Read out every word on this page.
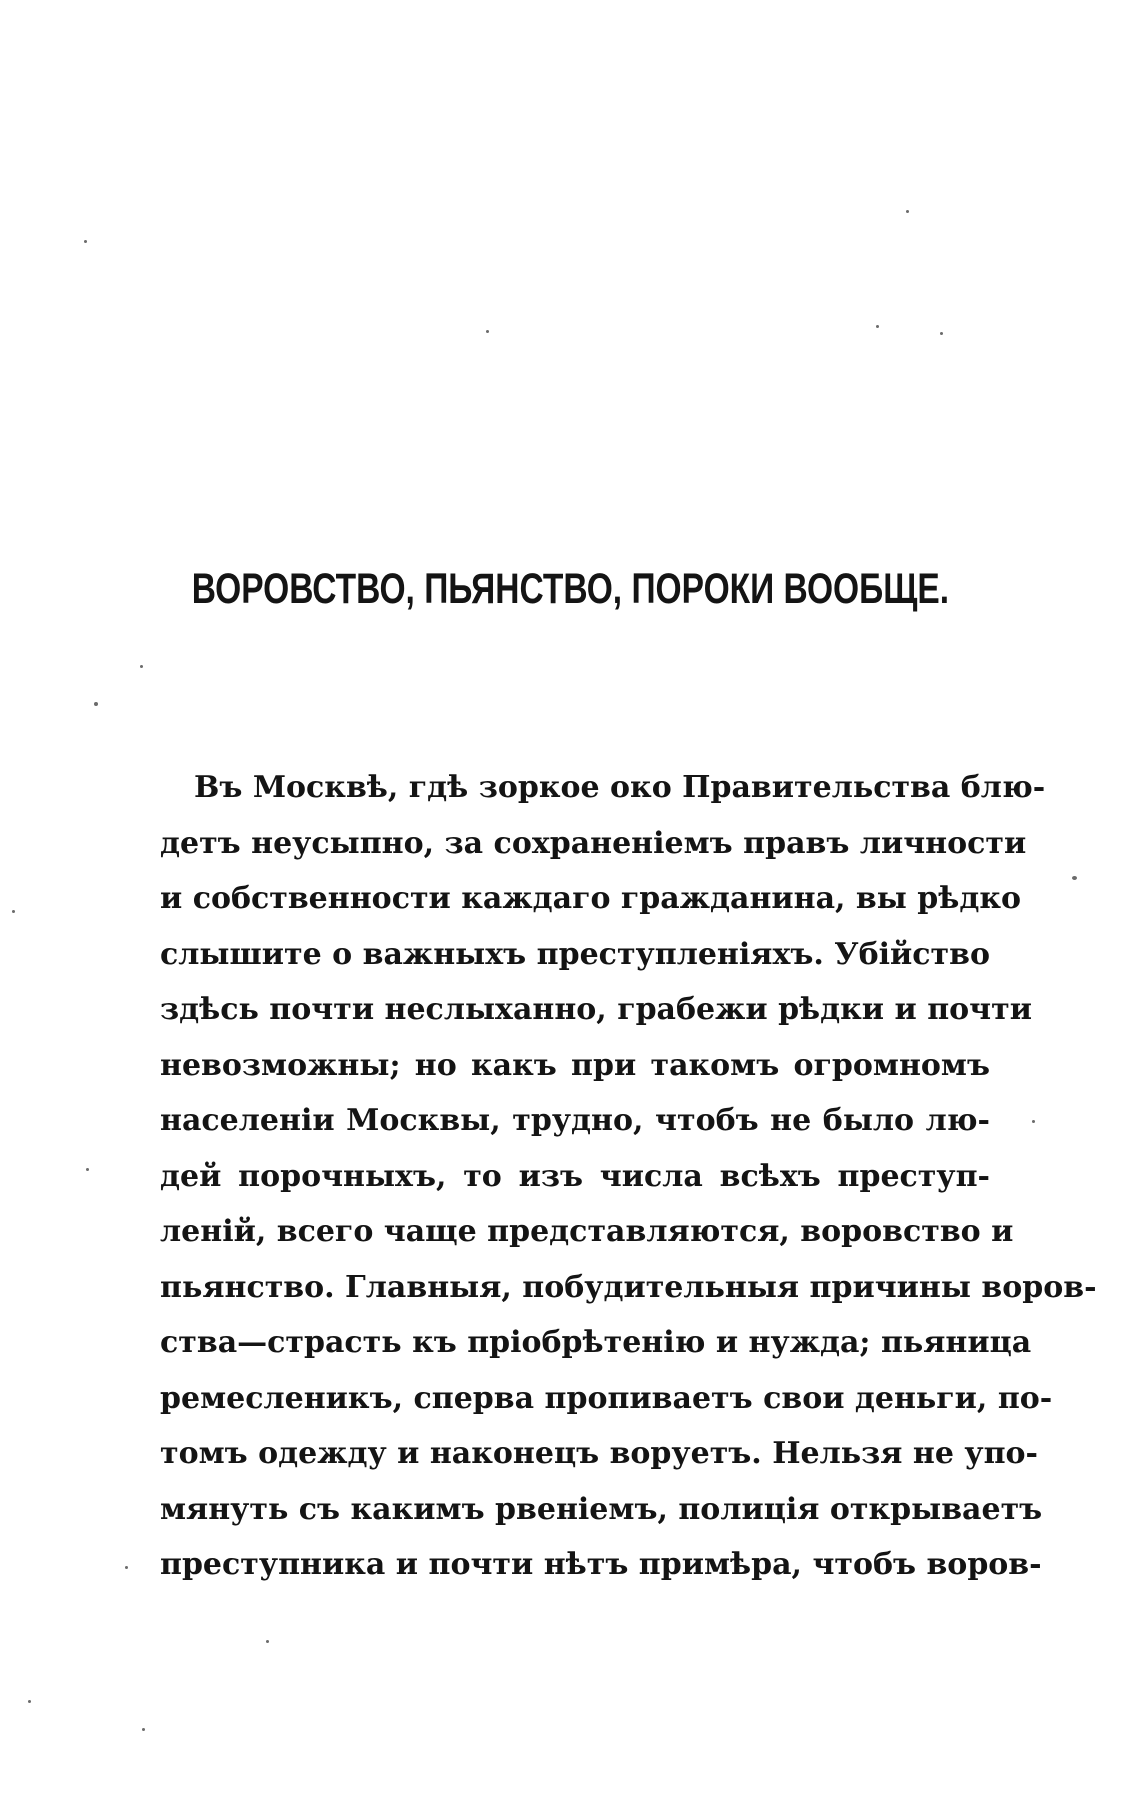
ВОРОВСТВО, ПЬЯНСТВО, ПОРОКИ ВООБЩЕ.
Въ Москвѣ, гдѣ зоркое око Правительства блю-
детъ неусыпно, за сохраненіемъ правъ личности
и собственности каждаго гражданина, вы рѣдко
слышите о важныхъ преступленіяхъ. Убійство
здѣсь почти неслыханно, грабежи рѣдки и почти
невозможны; но какъ при такомъ огромномъ
населеніи Москвы, трудно, чтобъ не было лю-
дей порочныхъ, то изъ числа всѣхъ преступ-
леній, всего чаще представляются, воровство и
пьянство. Главныя, побудительныя причины воров-
ства—страсть къ пріобрѣтенію и нужда; пьяница
ремесленикъ, сперва пропиваетъ свои деньги, по-
томъ одежду и наконецъ воруетъ. Нельзя не упо-
мянуть съ какимъ рвеніемъ, полиція открываетъ
преступника и почти нѣтъ примѣра, чтобъ воров-
